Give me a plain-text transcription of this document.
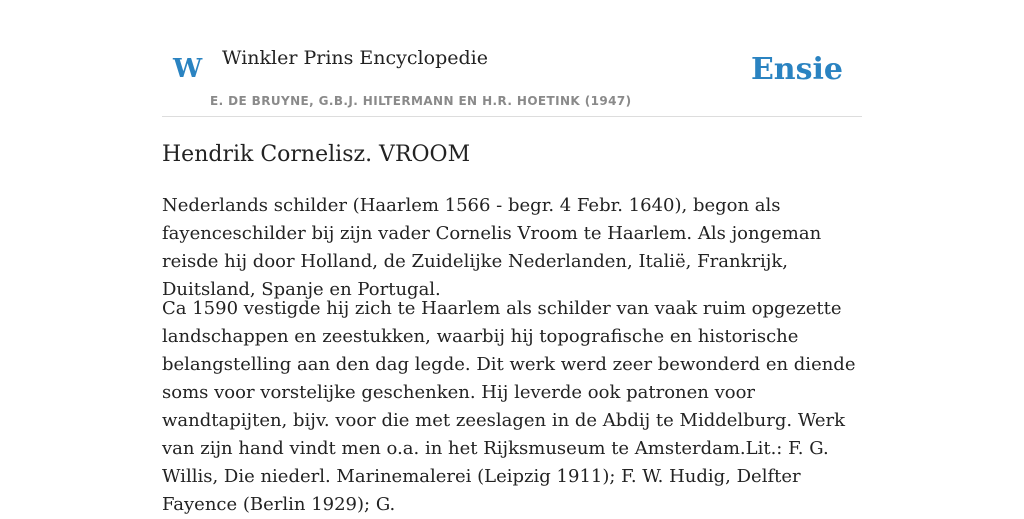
W Winkler Prins Encyclopedie
E. DE BRUYNE, G.B.J. HILTERMANN EN H.R. HOETINK (1947)
Ensie
Hendrik Cornelisz. VROOM

Nederlands schilder (Haarlem 1566 - begr. 4 Febr. 1640), begon als fayenceschilder bij zijn vader Cornelis Vroom te Haarlem. Als jongeman reisde hij door Holland, de Zuidelijke Nederlanden, Italië, Frankrijk, Duitsland, Spanje en Portugal.

Ca 1590 vestigde hij zich te Haarlem als schilder van vaak ruim opgezette landschappen en zeestukken, waarbij hij topografische en historische belangstelling aan den dag legde. Dit werk werd zeer bewonderd en diende soms voor vorstelijke geschenken. Hij leverde ook patronen voor wandtapijten, bijv. voor die met zeeslagen in de Abdij te Middelburg. Werk van zijn hand vindt men o.a. in het Rijksmuseum te Amsterdam.Lit.: F. G. Willis, Die niederl. Marinemalerei (Leipzig 1911); F. W. Hudig, Delfter Fayence (Berlin 1929); G.
